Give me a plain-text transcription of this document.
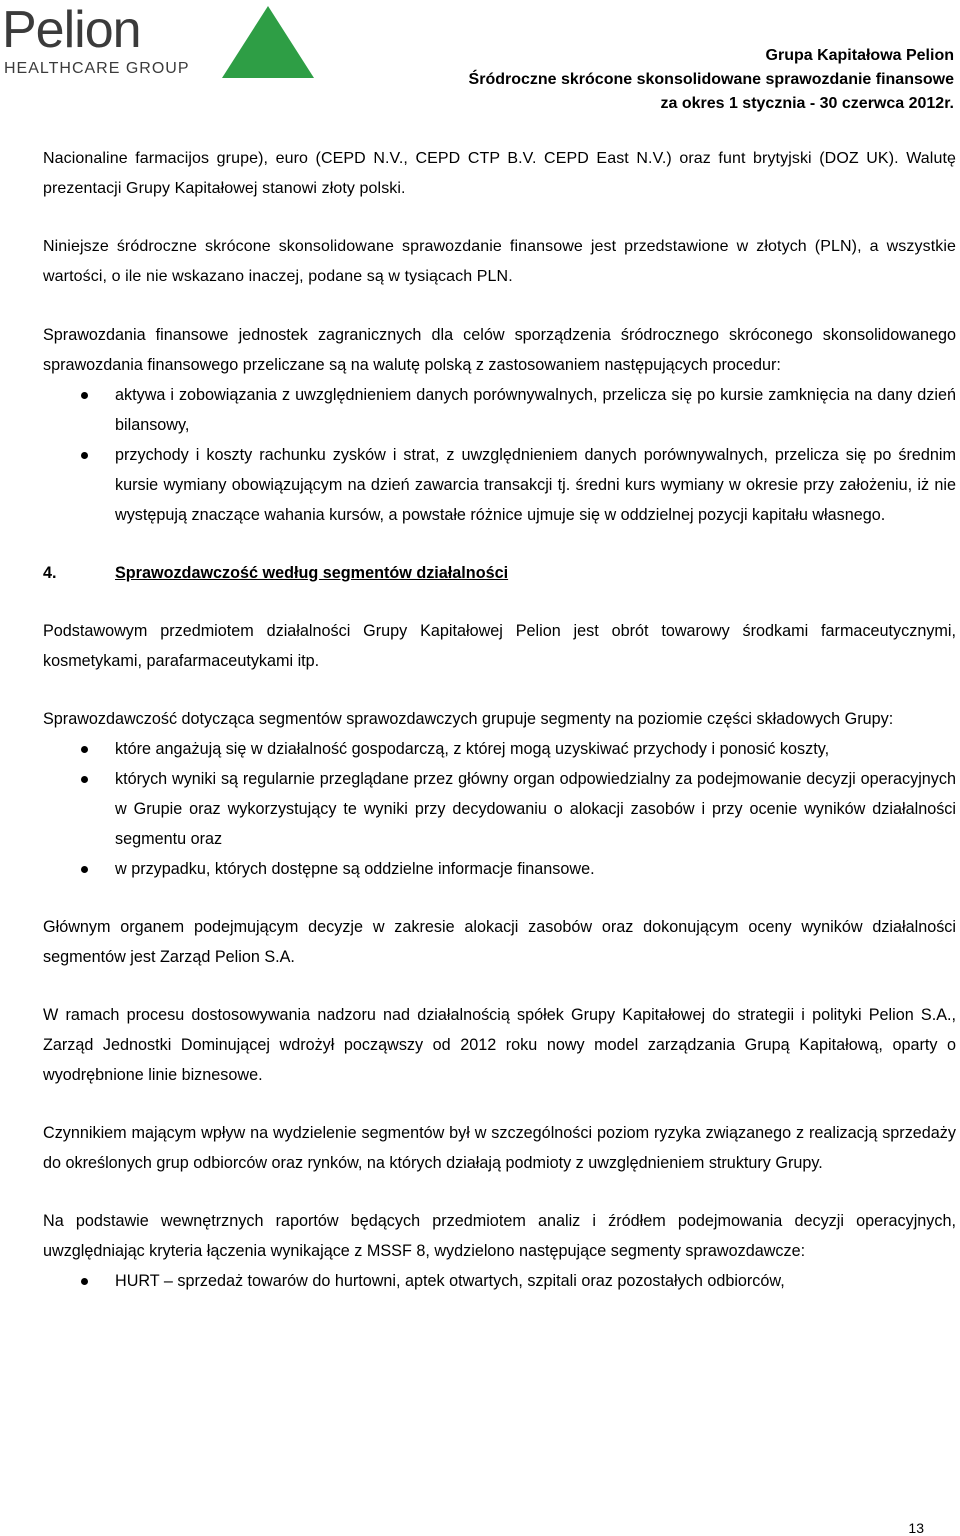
Pelion
HEALTHCARE GROUP
Grupa Kapitałowa Pelion
Śródroczne skrócone skonsolidowane sprawozdanie finansowe
za okres 1 stycznia - 30 czerwca 2012r.

Nacionaline farmacijos grupe), euro (CEPD N.V., CEPD CTP B.V. CEPD East N.V.) oraz funt brytyjski (DOZ UK). Walutę prezentacji Grupy Kapitałowej stanowi złoty polski.

Niniejsze śródroczne skrócone skonsolidowane sprawozdanie finansowe jest przedstawione w złotych (PLN), a wszystkie wartości, o ile nie wskazano inaczej, podane są w tysiącach PLN.

Sprawozdania finansowe jednostek zagranicznych dla celów sporządzenia śródrocznego skróconego skonsolidowanego sprawozdania finansowego przeliczane są na walutę polską z zastosowaniem następujących procedur:

aktywa i zobowiązania z uwzględnieniem danych porównywalnych, przelicza się po kursie zamknięcia na dany dzień bilansowy,
przychody i koszty rachunku zysków i strat, z uwzględnieniem danych porównywalnych, przelicza się po średnim kursie wymiany obowiązującym na dzień zawarcia transakcji tj. średni kurs wymiany w okresie przy założeniu, iż nie występują znaczące wahania kursów, a powstałe różnice ujmuje się w oddzielnej pozycji kapitału własnego.
4.	Sprawozdawczość według segmentów działalności

Podstawowym przedmiotem działalności Grupy Kapitałowej Pelion jest obrót towarowy środkami farmaceutycznymi, kosmetykami, parafarmaceutykami itp.

Sprawozdawczość dotycząca segmentów sprawozdawczych grupuje segmenty na poziomie części składowych Grupy:

które angażują się w działalność gospodarczą, z której mogą uzyskiwać przychody i ponosić koszty,
których wyniki są regularnie przeglądane przez główny organ odpowiedzialny za podejmowanie decyzji operacyjnych w Grupie oraz wykorzystujący te wyniki przy decydowaniu o alokacji zasobów i przy ocenie wyników działalności segmentu oraz
w przypadku, których dostępne są oddzielne informacje finansowe.

Głównym organem podejmującym decyzje w zakresie alokacji zasobów oraz dokonującym oceny wyników działalności segmentów jest Zarząd Pelion S.A.

W ramach procesu dostosowywania nadzoru nad działalnością spółek Grupy Kapitałowej do strategii i polityki Pelion S.A., Zarząd Jednostki Dominującej wdrożył począwszy od 2012 roku nowy model zarządzania Grupą Kapitałową, oparty o wyodrębnione linie biznesowe.

Czynnikiem mającym wpływ na wydzielenie segmentów był w szczególności poziom ryzyka związanego z realizacją sprzedaży do określonych grup odbiorców oraz rynków, na których działają podmioty z uwzględnieniem struktury Grupy.

Na podstawie wewnętrznych raportów będących przedmiotem analiz i źródłem podejmowania decyzji operacyjnych, uwzględniając kryteria łączenia wynikające z MSSF 8, wydzielono następujące segmenty sprawozdawcze:

HURT – sprzedaż towarów do hurtowni, aptek otwartych, szpitali oraz pozostałych odbiorców,
13
